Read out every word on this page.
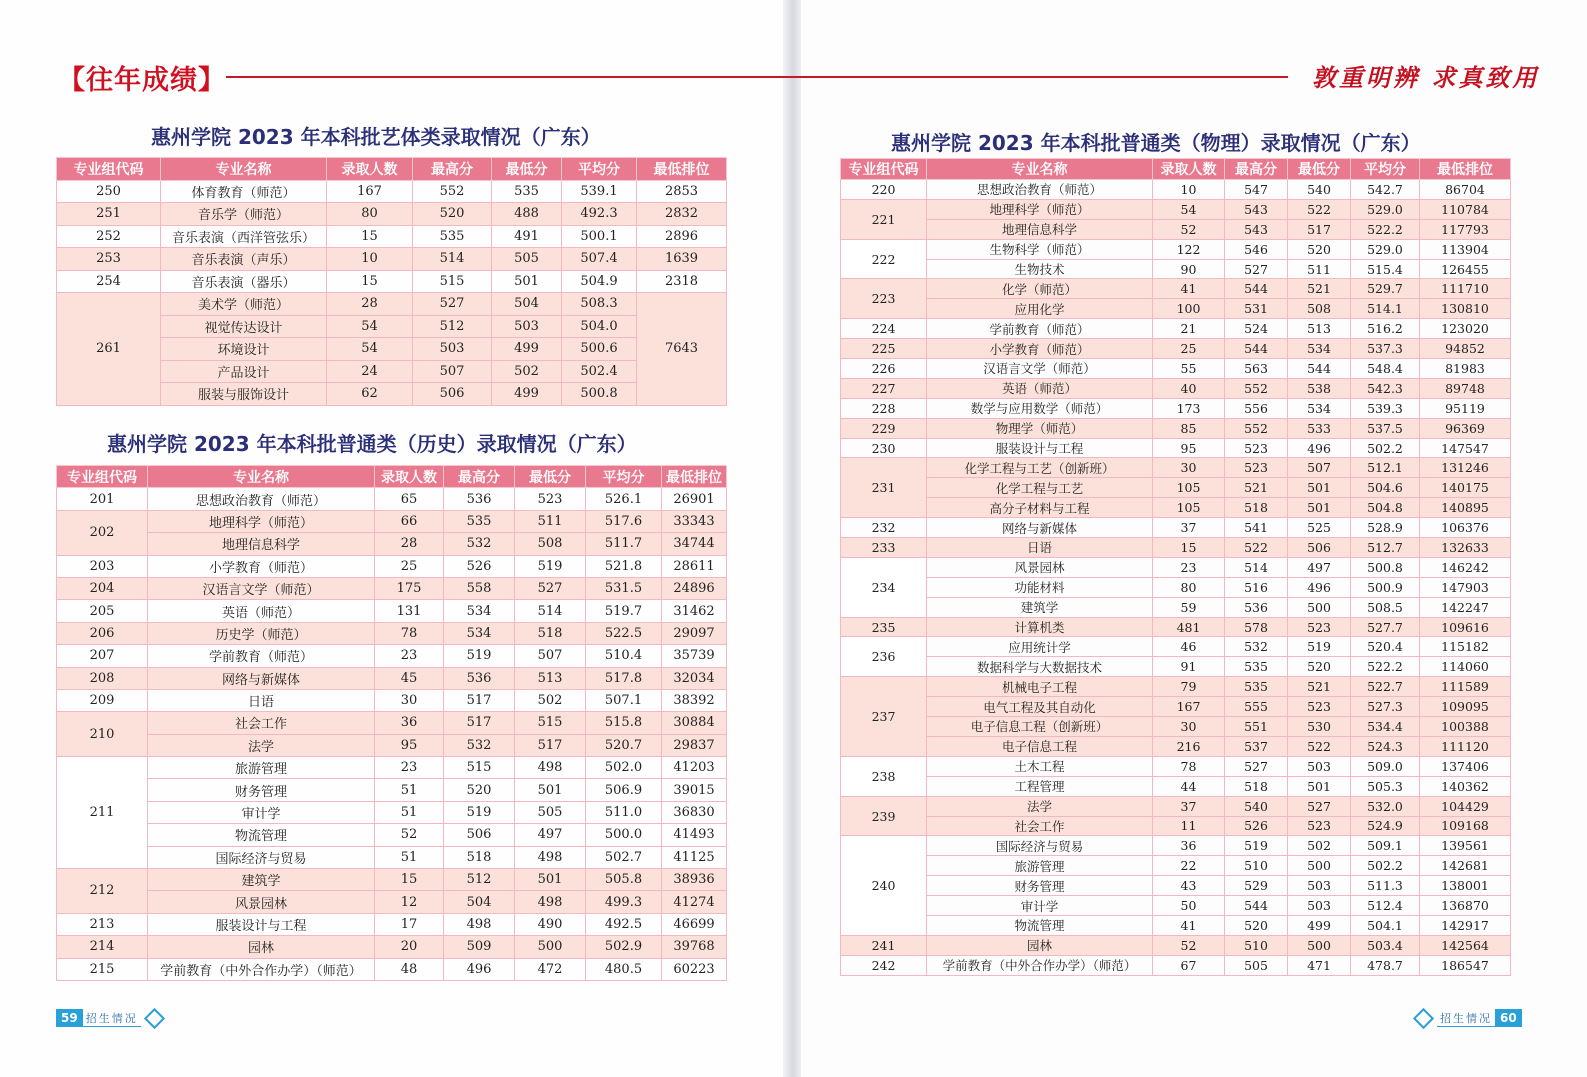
【往年成绩】	敦重明辨 求真致用
惠州学院 2023 年本科批艺体类录取情况（广东）
专业组代码	专业名称	录取人数	最高分	最低分	平均分	最低排位
250	体育教育（师范）	167	552	535	539.1	2853
251	音乐学（师范）	80	520	488	492.3	2832
252	音乐表演（西洋管弦乐）	15	535	491	500.1	2896
253	音乐表演（声乐）	10	514	505	507.4	1639
254	音乐表演（器乐）	15	515	501	504.9	2318
261	美术学（师范）	28	527	504	508.3	7643
	视觉传达设计	54	512	503	504.0	
	环境设计	54	503	499	500.6	
	产品设计	24	507	502	502.4	
	服装与服饰设计	62	506	499	500.8	
惠州学院 2023 年本科批普通类（历史）录取情况（广东）
专业组代码	专业名称	录取人数	最高分	最低分	平均分	最低排位
201	思想政治教育（师范）	65	536	523	526.1	26901
202	地理科学（师范）	66	535	511	517.6	33343
	地理信息科学	28	532	508	511.7	34744
203	小学教育（师范）	25	526	519	521.8	28611
204	汉语言文学（师范）	175	558	527	531.5	24896
205	英语（师范）	131	534	514	519.7	31462
206	历史学（师范）	78	534	518	522.5	29097
207	学前教育（师范）	23	519	507	510.4	35739
208	网络与新媒体	45	536	513	517.8	32034
209	日语	30	517	502	507.1	38392
210	社会工作	36	517	515	515.8	30884
	法学	95	532	517	520.7	29837
211	旅游管理	23	515	498	502.0	41203
	财务管理	51	520	501	506.9	39015
	审计学	51	519	505	511.0	36830
	物流管理	52	506	497	500.0	41493
	国际经济与贸易	51	518	498	502.7	41125
212	建筑学	15	512	501	505.8	38936
	风景园林	12	504	498	499.3	41274
213	服装设计与工程	17	498	490	492.5	46699
214	园林	20	509	500	502.9	39768
215	学前教育（中外合作办学）（师范）	48	496	472	480.5	60223
惠州学院 2023 年本科批普通类（物理）录取情况（广东）
专业组代码	专业名称	录取人数	最高分	最低分	平均分	最低排位
220	思想政治教育（师范）	10	547	540	542.7	86704
221	地理科学（师范）	54	543	522	529.0	110784
	地理信息科学	52	543	517	522.2	117793
222	生物科学（师范）	122	546	520	529.0	113904
	生物技术	90	527	511	515.4	126455
223	化学（师范）	41	544	521	529.7	111710
	应用化学	100	531	508	514.1	130810
224	学前教育（师范）	21	524	513	516.2	123020
225	小学教育（师范）	25	544	534	537.3	94852
226	汉语言文学（师范）	55	563	544	548.4	81983
227	英语（师范）	40	552	538	542.3	89748
228	数学与应用数学（师范）	173	556	534	539.3	95119
229	物理学（师范）	85	552	533	537.5	96369
230	服装设计与工程	95	523	496	502.2	147547
231	化学工程与工艺（创新班）	30	523	507	512.1	131246
	化学工程与工艺	105	521	501	504.6	140175
	高分子材料与工程	105	518	501	504.8	140895
232	网络与新媒体	37	541	525	528.9	106376
233	日语	15	522	506	512.7	132633
234	风景园林	23	514	497	500.8	146242
	功能材料	80	516	496	500.9	147903
	建筑学	59	536	500	508.5	142247
235	计算机类	481	578	523	527.7	109616
236	应用统计学	46	532	519	520.4	115182
	数据科学与大数据技术	91	535	520	522.2	114060
237	机械电子工程	79	535	521	522.7	111589
	电气工程及其自动化	167	555	523	527.3	109095
	电子信息工程（创新班）	30	551	530	534.4	100388
	电子信息工程	216	537	522	524.3	111120
238	土木工程	78	527	503	509.0	137406
	工程管理	44	518	501	505.3	140362
239	法学	37	540	527	532.0	104429
	社会工作	11	526	523	524.9	109168
240	国际经济与贸易	36	519	502	509.1	139561
	旅游管理	22	510	500	502.2	142681
	财务管理	43	529	503	511.3	138001
	审计学	50	544	503	512.4	136870
	物流管理	41	520	499	504.1	142917
241	园林	52	510	500	503.4	142564
242	学前教育（中外合作办学）（师范）	67	505	471	478.7	186547
59 招生情况	招生情况 60
